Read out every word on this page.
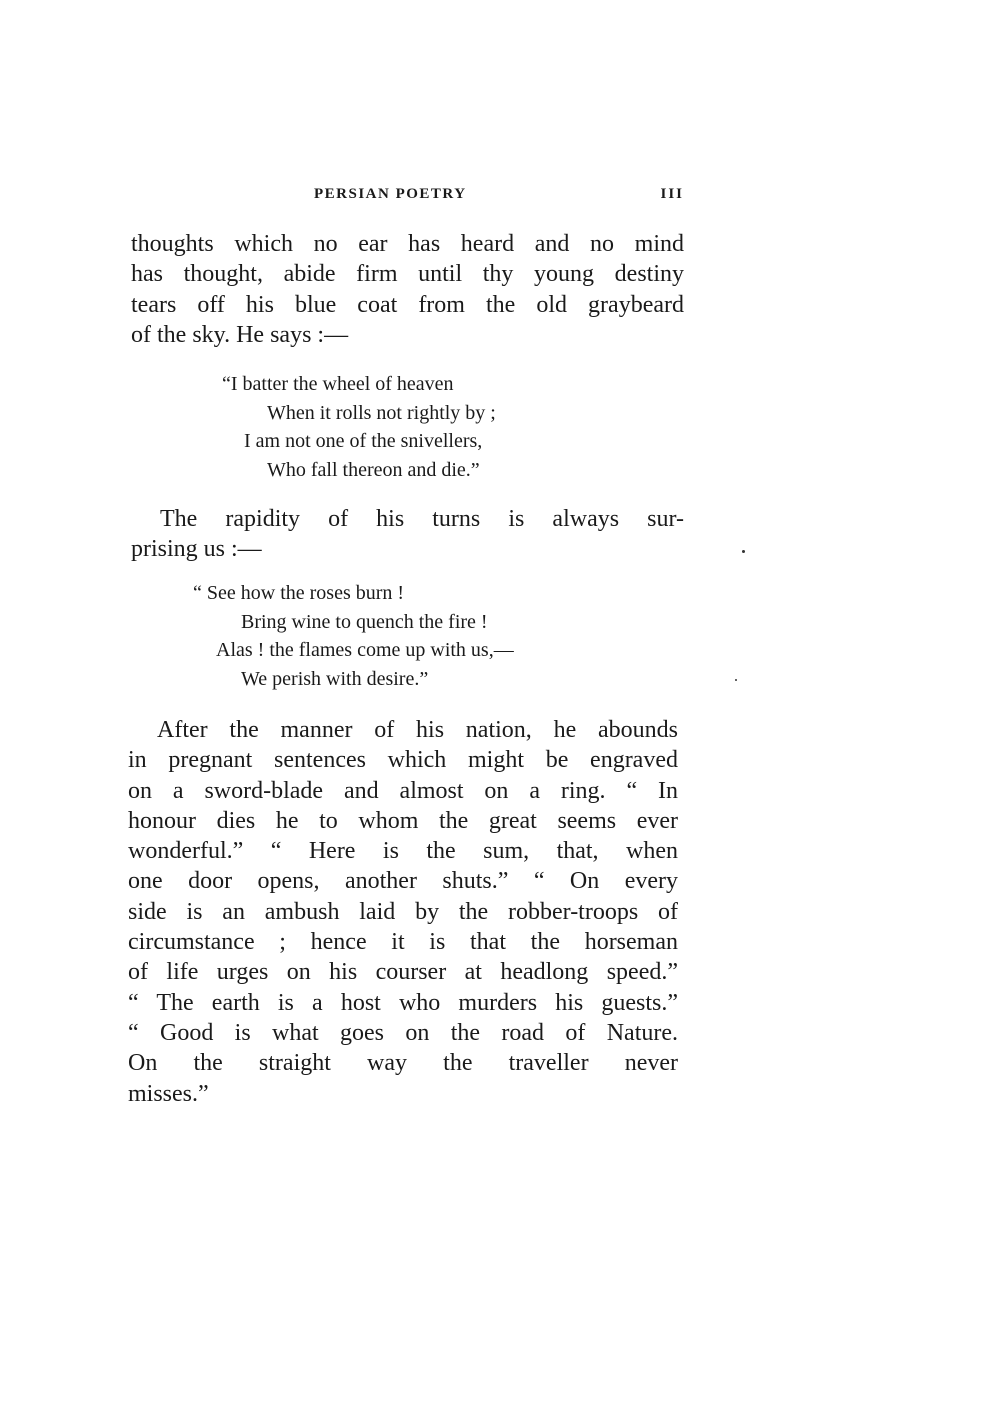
PERSIAN POETRY	III
thoughts which no ear has heard and no mind
has thought, abide firm until thy young destiny
tears off his blue coat from the old graybeard
of the sky. He says :—
“I batter the wheel of heaven
When it rolls not rightly by ;
I am not one of the snivellers,
Who fall thereon and die.”
The rapidity of his turns is always sur-
prising us :—
“ See how the roses burn !
Bring wine to quench the fire !
Alas ! the flames come up with us,—
We perish with desire.”
After the manner of his nation, he abounds
in pregnant sentences which might be engraved
on a sword-blade and almost on a ring. “ In
honour dies he to whom the great seems ever
wonderful.” “ Here is the sum, that, when
one door opens, another shuts.” “ On every
side is an ambush laid by the robber-troops of
circumstance ; hence it is that the horseman
of life urges on his courser at headlong speed.”
“ The earth is a host who murders his guests.”
“ Good is what goes on the road of Nature.
On the straight way the traveller never
misses.”
